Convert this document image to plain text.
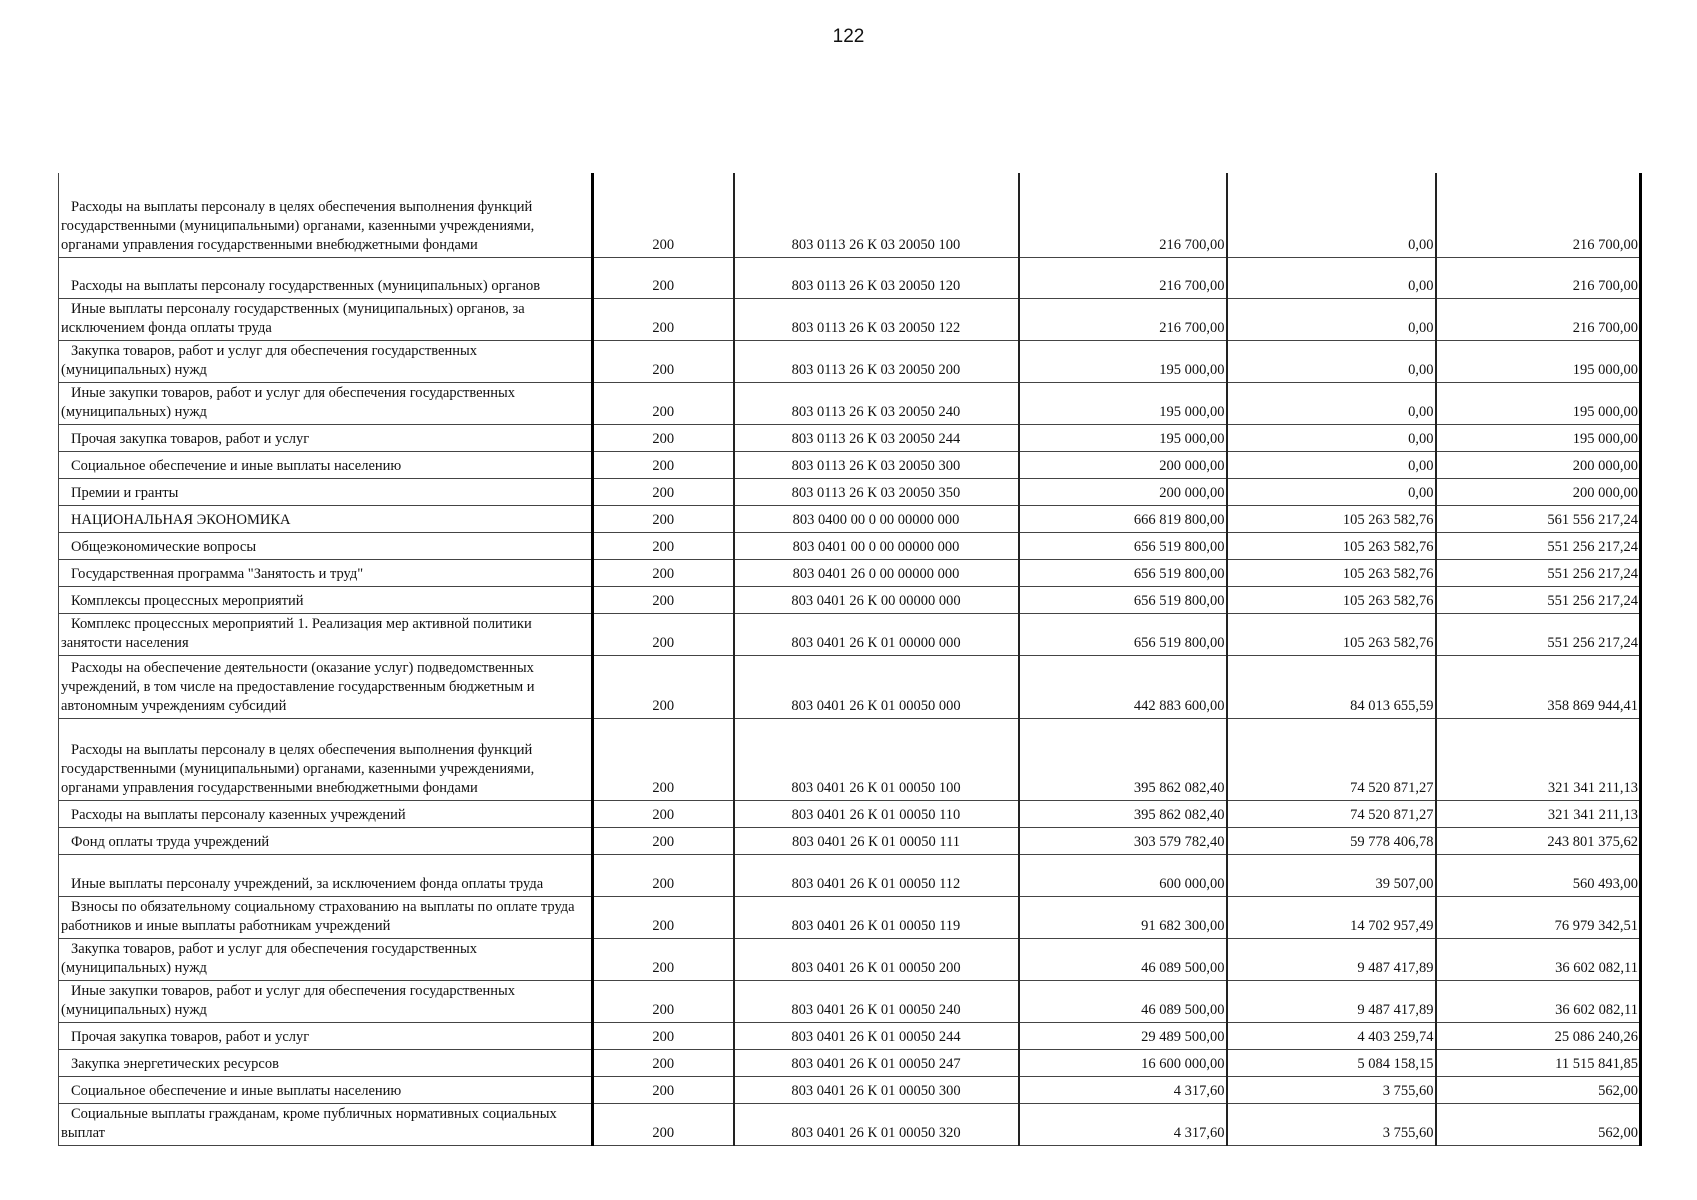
122
Расходы на выплаты персоналу в целях обеспечения выполнения функций государственными (муниципальными) органами, казенными учреждениями, органами управления государственными внебюджетными фондами	200	803 0113 26 К 03 20050 100	216 700,00	0,00	216 700,00

Расходы на выплаты персоналу государственных (муниципальных) органов	200	803 0113 26 К 03 20050 120	216 700,00	0,00	216 700,00

Иные выплаты персоналу государственных (муниципальных) органов, за исключением фонда оплаты труда	200	803 0113 26 К 03 20050 122	216 700,00	0,00	216 700,00

Закупка товаров, работ и услуг для обеспечения государственных (муниципальных) нужд	200	803 0113 26 К 03 20050 200	195 000,00	0,00	195 000,00

Иные закупки товаров, работ и услуг для обеспечения государственных (муниципальных) нужд	200	803 0113 26 К 03 20050 240	195 000,00	0,00	195 000,00

Прочая закупка товаров, работ и услуг	200	803 0113 26 К 03 20050 244	195 000,00	0,00	195 000,00

Социальное обеспечение и иные выплаты населению	200	803 0113 26 К 03 20050 300	200 000,00	0,00	200 000,00

Премии и гранты	200	803 0113 26 К 03 20050 350	200 000,00	0,00	200 000,00

НАЦИОНАЛЬНАЯ ЭКОНОМИКА	200	803 0400 00 0 00 00000 000	666 819 800,00	105 263 582,76	561 556 217,24

Общеэкономические вопросы	200	803 0401 00 0 00 00000 000	656 519 800,00	105 263 582,76	551 256 217,24

Государственная программа "Занятость и труд"	200	803 0401 26 0 00 00000 000	656 519 800,00	105 263 582,76	551 256 217,24

Комплексы процессных мероприятий	200	803 0401 26 К 00 00000 000	656 519 800,00	105 263 582,76	551 256 217,24

Комплекс процессных мероприятий 1. Реализация мер активной политики занятости населения	200	803 0401 26 К 01 00000 000	656 519 800,00	105 263 582,76	551 256 217,24

Расходы на обеспечение деятельности (оказание услуг) подведомственных учреждений, в том числе на предоставление государственным бюджетным и автономным учреждениям субсидий	200	803 0401 26 К 01 00050 000	442 883 600,00	84 013 655,59	358 869 944,41

Расходы на выплаты персоналу в целях обеспечения выполнения функций государственными (муниципальными) органами, казенными учреждениями, органами управления государственными внебюджетными фондами	200	803 0401 26 К 01 00050 100	395 862 082,40	74 520 871,27	321 341 211,13

Расходы на выплаты персоналу казенных учреждений	200	803 0401 26 К 01 00050 110	395 862 082,40	74 520 871,27	321 341 211,13

Фонд оплаты труда учреждений	200	803 0401 26 К 01 00050 111	303 579 782,40	59 778 406,78	243 801 375,62

Иные выплаты персоналу учреждений, за исключением фонда оплаты труда	200	803 0401 26 К 01 00050 112	600 000,00	39 507,00	560 493,00

Взносы по обязательному социальному страхованию на выплаты по оплате труда работников и иные выплаты работникам учреждений	200	803 0401 26 К 01 00050 119	91 682 300,00	14 702 957,49	76 979 342,51

Закупка товаров, работ и услуг для обеспечения государственных (муниципальных) нужд	200	803 0401 26 К 01 00050 200	46 089 500,00	9 487 417,89	36 602 082,11

Иные закупки товаров, работ и услуг для обеспечения государственных (муниципальных) нужд	200	803 0401 26 К 01 00050 240	46 089 500,00	9 487 417,89	36 602 082,11

Прочая закупка товаров, работ и услуг	200	803 0401 26 К 01 00050 244	29 489 500,00	4 403 259,74	25 086 240,26

Закупка энергетических ресурсов	200	803 0401 26 К 01 00050 247	16 600 000,00	5 084 158,15	11 515 841,85

Социальное обеспечение и иные выплаты населению	200	803 0401 26 К 01 00050 300	4 317,60	3 755,60	562,00

Социальные выплаты гражданам, кроме публичных нормативных социальных выплат	200	803 0401 26 К 01 00050 320	4 317,60	3 755,60	562,00
